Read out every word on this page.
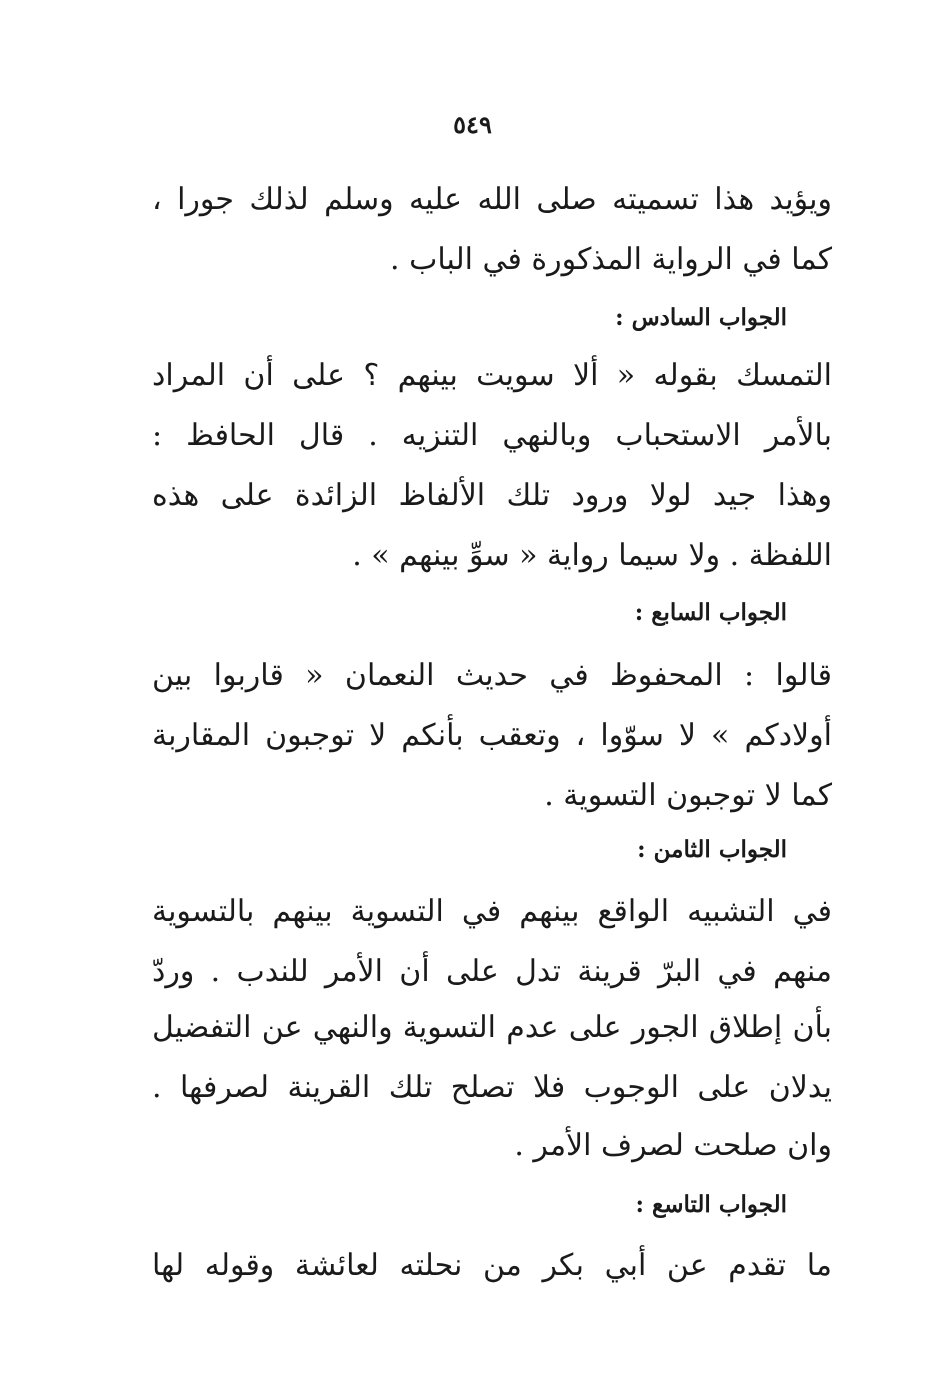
٥٤٩
ويؤيد هذا تسميته صلى الله عليه وسلم لذلك جورا ،
كما في الرواية المذكورة في الباب .
الجواب السادس :
التمسك بقوله « ألا سويت بينهم ؟ على أن المراد
بالأمر الاستحباب وبالنهي التنزيه . قال الحافظ :
وهذا جيد لولا ورود تلك الألفاظ الزائدة على هذه
اللفظة . ولا سيما رواية « سوِّ بينهم » .
الجواب السابع :
قالوا : المحفوظ في حديث النعمان « قاربوا بين
أولادكم » لا سوّوا ، وتعقب بأنكم لا توجبون المقاربة
كما لا توجبون التسوية .
الجواب الثامن :
في التشبيه الواقع بينهم في التسوية بينهم بالتسوية
منهم في البرّ قرينة تدل على أن الأمر للندب . وردّ
بأن إطلاق الجور على عدم التسوية والنهي عن التفضيل
يدلان على الوجوب فلا تصلح تلك القرينة لصرفها .
وان صلحت لصرف الأمر .
الجواب التاسع :
ما تقدم عن أبي بكر من نحلته لعائشة وقوله لها
